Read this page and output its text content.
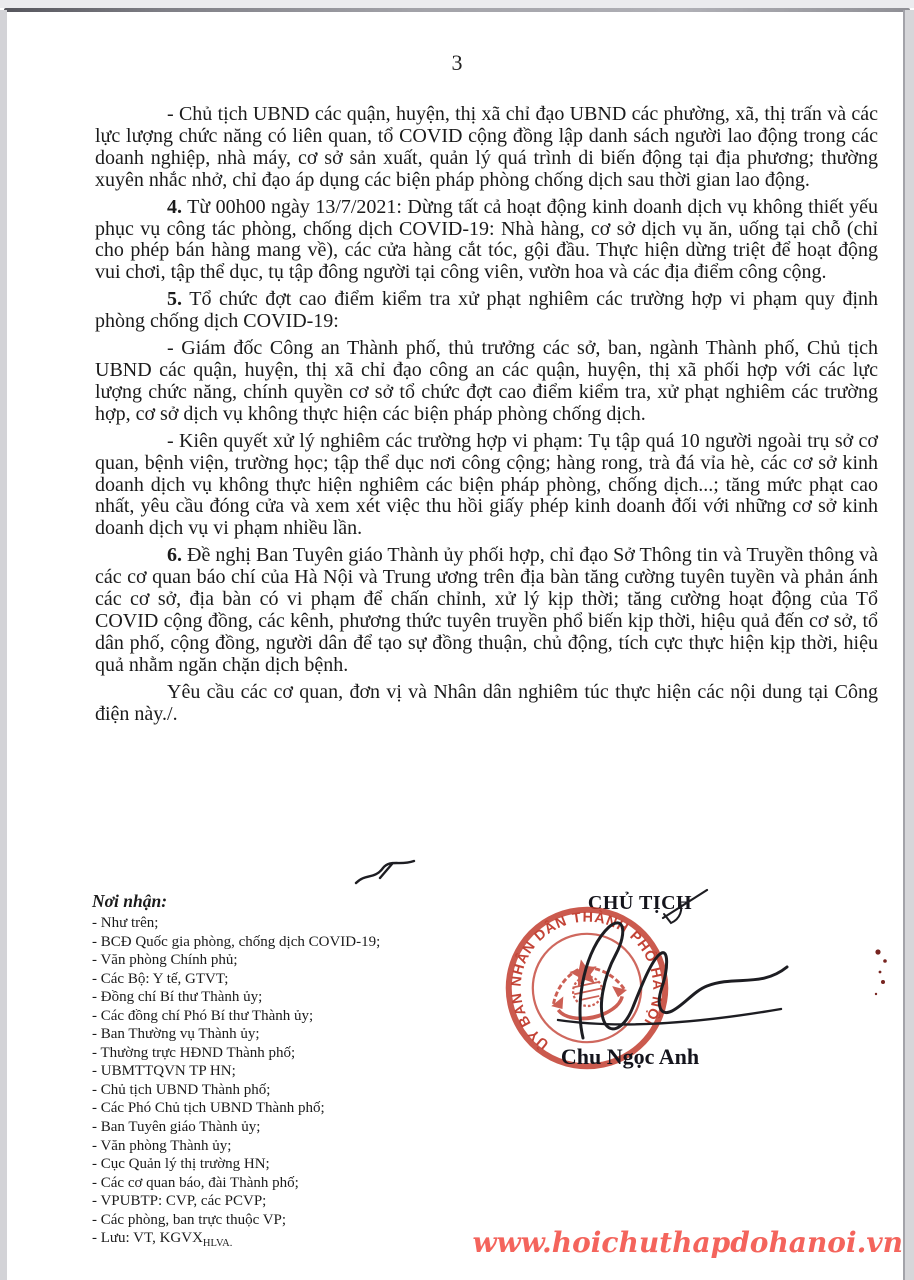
3

- Chủ tịch UBND các quận, huyện, thị xã chỉ đạo UBND các phường, xã, thị trấn và các lực lượng chức năng có liên quan, tổ COVID cộng đồng lập danh sách người lao động trong các doanh nghiệp, nhà máy, cơ sở sản xuất, quản lý quá trình di biến động tại địa phương; thường xuyên nhắc nhở, chỉ đạo áp dụng các biện pháp phòng chống dịch sau thời gian lao động.

4. Từ 00h00 ngày 13/7/2021: Dừng tất cả hoạt động kinh doanh dịch vụ không thiết yếu phục vụ công tác phòng, chống dịch COVID-19: Nhà hàng, cơ sở dịch vụ ăn, uống tại chỗ (chỉ cho phép bán hàng mang về), các cửa hàng cắt tóc, gội đầu. Thực hiện dừng triệt để hoạt động vui chơi, tập thể dục, tụ tập đông người tại công viên, vườn hoa và các địa điểm công cộng.

5. Tổ chức đợt cao điểm kiểm tra xử phạt nghiêm các trường hợp vi phạm quy định phòng chống dịch COVID-19:

- Giám đốc Công an Thành phố, thủ trưởng các sở, ban, ngành Thành phố, Chủ tịch UBND các quận, huyện, thị xã chỉ đạo công an các quận, huyện, thị xã phối hợp với các lực lượng chức năng, chính quyền cơ sở tổ chức đợt cao điểm kiểm tra, xử phạt nghiêm các trường hợp, cơ sở dịch vụ không thực hiện các biện pháp phòng chống dịch.

- Kiên quyết xử lý nghiêm các trường hợp vi phạm: Tụ tập quá 10 người ngoài trụ sở cơ quan, bệnh viện, trường học; tập thể dục nơi công cộng; hàng rong, trà đá vỉa hè, các cơ sở kinh doanh dịch vụ không thực hiện nghiêm các biện pháp phòng, chống dịch...; tăng mức phạt cao nhất, yêu cầu đóng cửa và xem xét việc thu hồi giấy phép kinh doanh đối với những cơ sở kinh doanh dịch vụ vi phạm nhiều lần.

6. Đề nghị Ban Tuyên giáo Thành ủy phối hợp, chỉ đạo Sở Thông tin và Truyền thông và các cơ quan báo chí của Hà Nội và Trung ương trên địa bàn tăng cường tuyên tuyền và phản ánh các cơ sở, địa bàn có vi phạm để chấn chỉnh, xử lý kịp thời; tăng cường hoạt động của Tổ COVID cộng đồng, các kênh, phương thức tuyên truyền phổ biến kịp thời, hiệu quả đến cơ sở, tổ dân phố, cộng đồng, người dân để tạo sự đồng thuận, chủ động, tích cực thực hiện kịp thời, hiệu quả nhằm ngăn chặn dịch bệnh.

Yêu cầu các cơ quan, đơn vị và Nhân dân nghiêm túc thực hiện các nội dung tại Công điện này./.

Nơi nhận:
- Như trên;
- BCĐ Quốc gia phòng, chống dịch COVID-19;
- Văn phòng Chính phủ;
- Các Bộ: Y tế, GTVT;
- Đồng chí Bí thư Thành ủy;
- Các đồng chí Phó Bí thư Thành ủy;
- Ban Thường vụ Thành ủy;
- Thường trực HĐND Thành phố;
- UBMTTQVN TP HN;
- Chủ tịch UBND Thành phố;
- Các Phó Chủ tịch UBND Thành phố;
- Ban Tuyên giáo Thành ủy;
- Văn phòng Thành ủy;
- Cục Quản lý thị trường HN;
- Các cơ quan báo, đài Thành phố;
- VPUBTP: CVP, các PCVP;
- Các phòng, ban trực thuộc VP;
- Lưu: VT, $KGVX_{HLVA.}$
CHỦ TỊCH
ỦY BAN NHÂN DÂN THÀNH PHỐ HÀ NỘI
Chu Ngọc Anh
www.hoichuthapdohanoi.vn
